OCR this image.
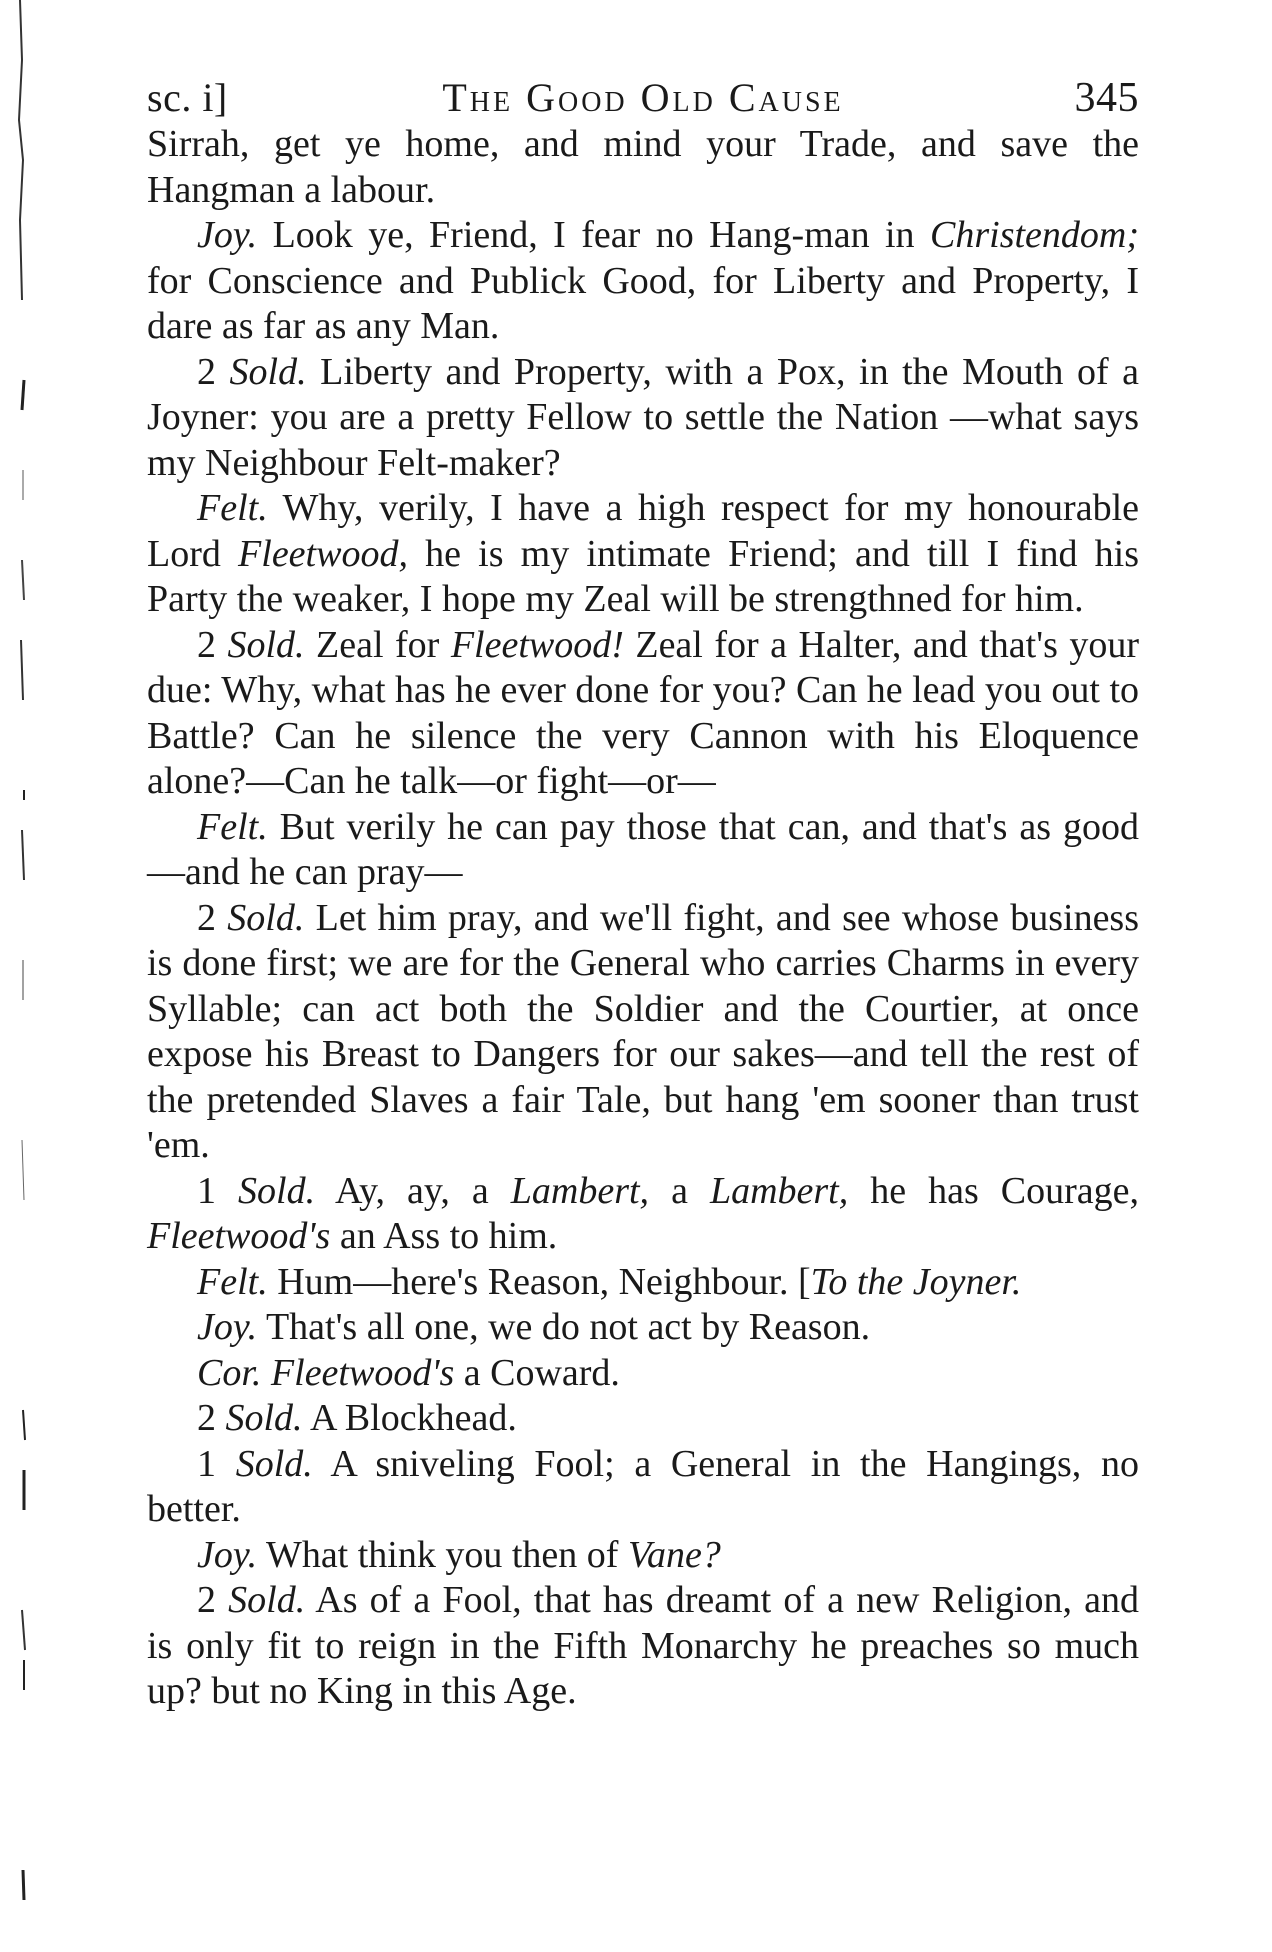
sc. i]	The Good Old Cause	345

Sirrah, get ye home, and mind your Trade, and save the Hangman a labour.

Joy. Look ye, Friend, I fear no Hang-man in Christendom; for Conscience and Publick Good, for Liberty and Property, I dare as far as any Man.

2 Sold. Liberty and Property, with a Pox, in the Mouth of a Joyner: you are a pretty Fellow to settle the Nation —what says my Neighbour Felt-maker?

Felt. Why, verily, I have a high respect for my honourable Lord Fleetwood, he is my intimate Friend; and till I find his Party the weaker, I hope my Zeal will be strengthned for him.

2 Sold. Zeal for Fleetwood! Zeal for a Halter, and that's your due: Why, what has he ever done for you? Can he lead you out to Battle? Can he silence the very Cannon with his Eloquence alone?—Can he talk—or fight—or—

Felt. But verily he can pay those that can, and that's as good—and he can pray—

2 Sold. Let him pray, and we'll fight, and see whose business is done first; we are for the General who carries Charms in every Syllable; can act both the Soldier and the Courtier, at once expose his Breast to Dangers for our sakes—and tell the rest of the pretended Slaves a fair Tale, but hang 'em sooner than trust 'em.

1 Sold. Ay, ay, a Lambert, a Lambert, he has Courage, Fleetwood's an Ass to him.

Felt. Hum—here's Reason, Neighbour. [To the Joyner.

Joy. That's all one, we do not act by Reason.

Cor. Fleetwood's a Coward.

2 Sold. A Blockhead.

1 Sold. A sniveling Fool; a General in the Hangings, no better.

Joy. What think you then of Vane?

2 Sold. As of a Fool, that has dreamt of a new Religion, and is only fit to reign in the Fifth Monarchy he preaches so much up? but no King in this Age.
